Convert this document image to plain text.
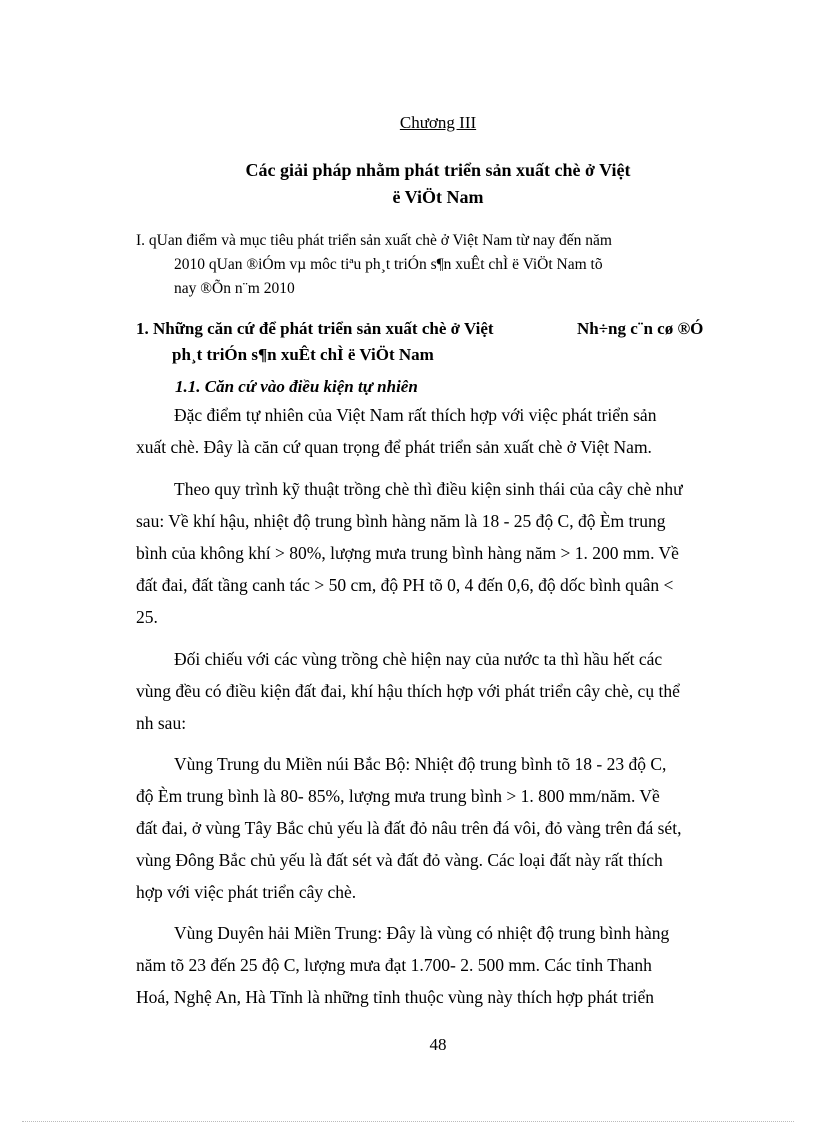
Chương III
Các giải pháp nhằm phát triển sản xuất chè ở Việt
ë ViÖt Nam
I. qUan điểm và mục tiêu phát triển sản xuất chè ở Việt Nam từ nay đến năm
2010 qUan ®iÓm vµ môc tiªu ph¸t triÓn s¶n xuÊt chÌ ë ViÖt Nam tõ
nay ®Õn n¨m 2010
1. Những căn cứ để phát triển sản xuất chè ở Việt	Nh÷ng c¨n cø ®Ó
ph¸t triÓn s¶n xuÊt chÌ ë ViÖt Nam
1.1. Căn cứ vào điều kiện tự nhiên
Đặc điểm tự nhiên của Việt Nam rất thích hợp với việc phát triển sản
xuất chè. Đây là căn cứ quan trọng để phát triển sản xuất chè ở Việt Nam.
Theo quy trình kỹ thuật trồng chè thì điều kiện sinh thái của cây chè như
sau: Về khí hậu, nhiệt độ trung bình hàng năm là 18 - 25 độ C, độ Èm trung
bình của không khí > 80%, lượng mưa trung bình hàng năm > 1. 200 mm. Về
đất đai, đất tầng canh tác > 50 cm, độ PH tõ 0, 4 đến 0,6, độ dốc bình quân <
25.
Đối chiếu với các vùng trồng chè hiện nay của nước ta thì hầu hết các
vùng đều có điều kiện đất đai, khí hậu thích hợp với phát triển cây chè, cụ thể
nh sau:
Vùng Trung du Miền núi Bắc Bộ: Nhiệt độ trung bình tõ 18 - 23 độ C,
độ Èm trung bình là 80- 85%, lượng mưa trung bình > 1. 800 mm/năm. Về
đất đai, ở vùng Tây Bắc chủ yếu là đất đỏ nâu trên đá vôi, đỏ vàng trên đá sét,
vùng Đông Bắc chủ yếu là đất sét và đất đỏ vàng. Các loại đất này rất thích
hợp với việc phát triển cây chè.
Vùng Duyên hải Miền Trung: Đây là vùng có nhiệt độ trung bình hàng
năm tõ 23 đến 25 độ C, lượng mưa đạt 1.700- 2. 500 mm. Các tỉnh Thanh
Hoá, Nghệ An, Hà Tĩnh là những tỉnh thuộc vùng này thích hợp phát triển
48
